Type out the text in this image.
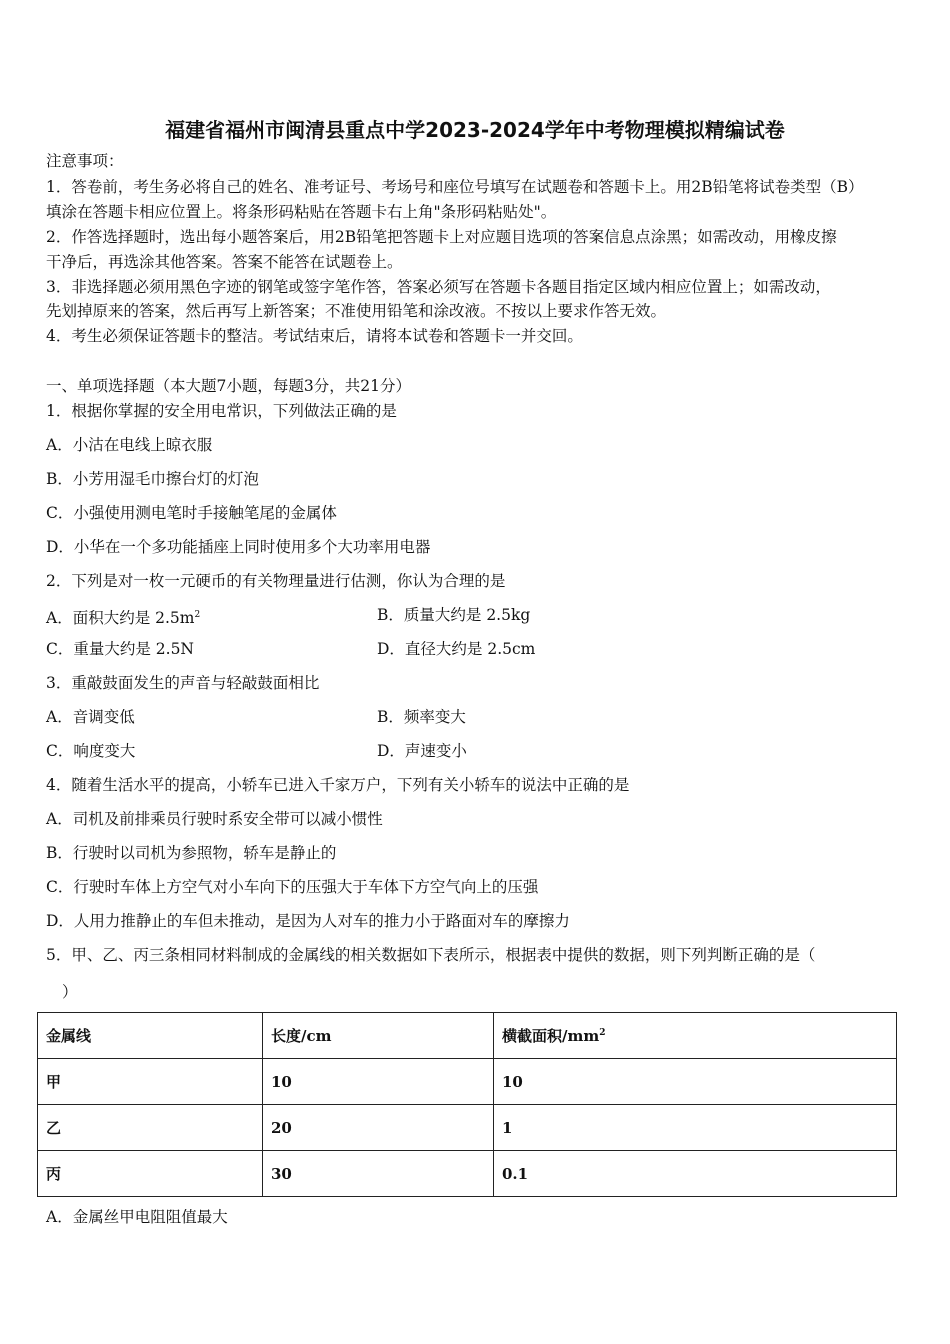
福建省福州市闽清县重点中学2023-2024学年中考物理模拟精编试卷
注意事项：
1．答卷前，考生务必将自己的姓名、准考证号、考场号和座位号填写在试题卷和答题卡上。用2B铅笔将试卷类型（B）
填涂在答题卡相应位置上。将条形码粘贴在答题卡右上角"条形码粘贴处"。
2．作答选择题时，选出每小题答案后，用2B铅笔把答题卡上对应题目选项的答案信息点涂黑；如需改动，用橡皮擦
干净后，再选涂其他答案。答案不能答在试题卷上。
3．非选择题必须用黑色字迹的钢笔或签字笔作答，答案必须写在答题卡各题目指定区域内相应位置上；如需改动，
先划掉原来的答案，然后再写上新答案；不准使用铅笔和涂改液。不按以上要求作答无效。
4．考生必须保证答题卡的整洁。考试结束后，请将本试卷和答题卡一并交回。
一、单项选择题（本大题7小题，每题3分，共21分）
1．根据你掌握的安全用电常识，下列做法正确的是
A．小沽在电线上晾衣服
B．小芳用湿毛巾擦台灯的灯泡
C．小强使用测电笔时手接触笔尾的金属体
D．小华在一个多功能插座上同时使用多个大功率用电器
2．下列是对一枚一元硬币的有关物理量进行估测，你认为合理的是
A．面积大约是 $2.5m^2$	B．质量大约是 2.5kg
C．重量大约是 2.5N	D．直径大约是 2.5cm
3．重敲鼓面发生的声音与轻敲鼓面相比
A．音调变低	B．频率变大
C．响度变大	D．声速变小
4．随着生活水平的提高，小轿车已进入千家万户，下列有关小轿车的说法中正确的是
A．司机及前排乘员行驶时系安全带可以减小惯性
B．行驶时以司机为参照物，轿车是静止的
C．行驶时车体上方空气对小车向下的压强大于车体下方空气向上的压强
D．人用力推静止的车但未推动，是因为人对车的推力小于路面对车的摩擦力
5．甲、乙、丙三条相同材料制成的金属线的相关数据如下表所示，根据表中提供的数据，则下列判断正确的是（
）
金属线	长度/cm	横截面积$/mm^2$
甲	10	10
乙	20	1
丙	30	0.1
A．金属丝甲电阻阻值最大
